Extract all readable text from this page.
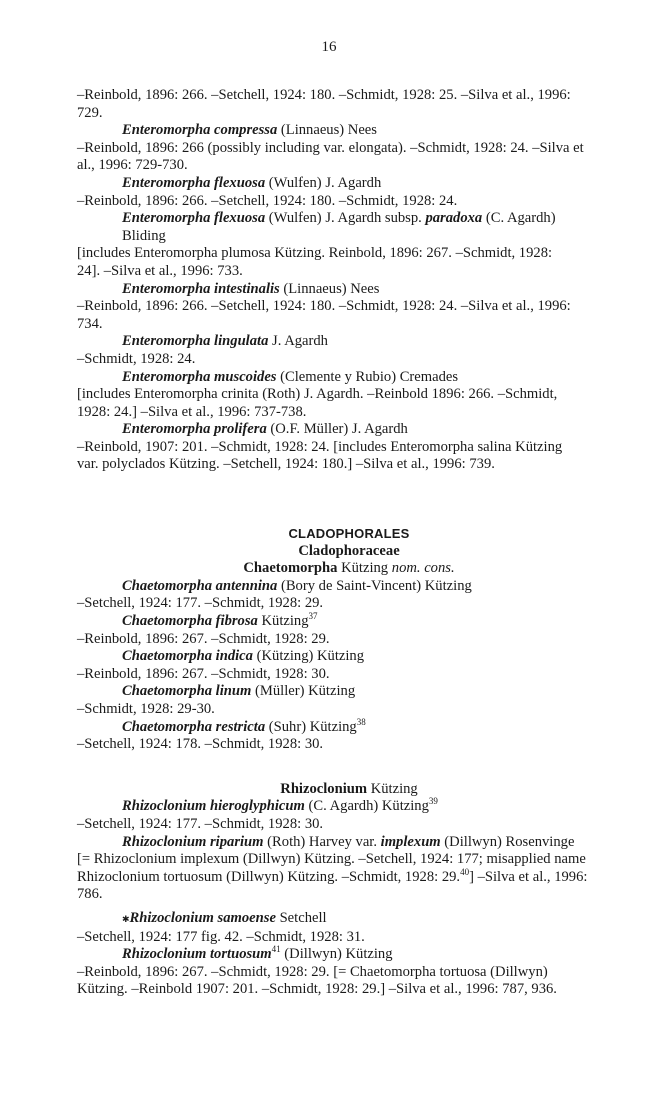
16
–Reinbold, 1896: 266. –Setchell, 1924: 180. –Schmidt, 1928: 25. –Silva et al., 1996:
729.
Enteromorpha compressa (Linnaeus) Nees
–Reinbold, 1896: 266 (possibly including var. elongata). –Schmidt, 1928: 24. –Silva et
al., 1996: 729-730.
Enteromorpha flexuosa (Wulfen) J. Agardh
–Reinbold, 1896: 266. –Setchell, 1924: 180. –Schmidt, 1928: 24.
Enteromorpha flexuosa (Wulfen) J. Agardh subsp. paradoxa (C. Agardh)
Bliding
[includes Enteromorpha plumosa Kützing. Reinbold, 1896: 267. –Schmidt, 1928:
24]. –Silva et al., 1996: 733.
Enteromorpha intestinalis (Linnaeus) Nees
–Reinbold, 1896: 266. –Setchell, 1924: 180. –Schmidt, 1928: 24. –Silva et al., 1996:
734.
Enteromorpha lingulata J. Agardh
–Schmidt, 1928: 24.
Enteromorpha muscoides (Clemente y Rubio) Cremades
[includes Enteromorpha crinita (Roth) J. Agardh. –Reinbold 1896: 266. –Schmidt,
1928: 24.] –Silva et al., 1996: 737-738.
Enteromorpha prolifera (O.F. Müller) J. Agardh
–Reinbold, 1907: 201. –Schmidt, 1928: 24. [includes Enteromorpha salina Kützing
var. polyclados Kützing. –Setchell, 1924: 180.] –Silva et al., 1996: 739.
CLADOPHORALES
Cladophoraceae
Chaetomorpha Kützing nom. cons.
Chaetomorpha antennina (Bory de Saint-Vincent) Kützing
–Setchell, 1924: 177. –Schmidt, 1928: 29.
Chaetomorpha fibrosa Kützing$^{37}$
–Reinbold, 1896: 267. –Schmidt, 1928: 29.
Chaetomorpha indica (Kützing) Kützing
–Reinbold, 1896: 267. –Schmidt, 1928: 30.
Chaetomorpha linum (Müller) Kützing
–Schmidt, 1928: 29-30.
Chaetomorpha restricta (Suhr) Kützing$^{38}$
–Setchell, 1924: 178. –Schmidt, 1928: 30.
Rhizoclonium Kützing
Rhizoclonium hieroglyphicum (C. Agardh) Kützing$^{39}$
–Setchell, 1924: 177. –Schmidt, 1928: 30.
Rhizoclonium riparium (Roth) Harvey var. implexum (Dillwyn) Rosenvinge
[= Rhizoclonium implexum (Dillwyn) Kützing. –Setchell, 1924: 177; misapplied name
Rhizoclonium tortuosum (Dillwyn) Kützing. –Schmidt, 1928: 29.40] –Silva et al., 1996:
786.
✱Rhizoclonium samoense Setchell
–Setchell, 1924: 177 fig. 42. –Schmidt, 1928: 31.
Rhizoclonium tortuosum$^{41}$ (Dillwyn) Kützing
–Reinbold, 1896: 267. –Schmidt, 1928: 29. [= Chaetomorpha tortuosa (Dillwyn)
Kützing. –Reinbold 1907: 201. –Schmidt, 1928: 29.] –Silva et al., 1996: 787, 936.
